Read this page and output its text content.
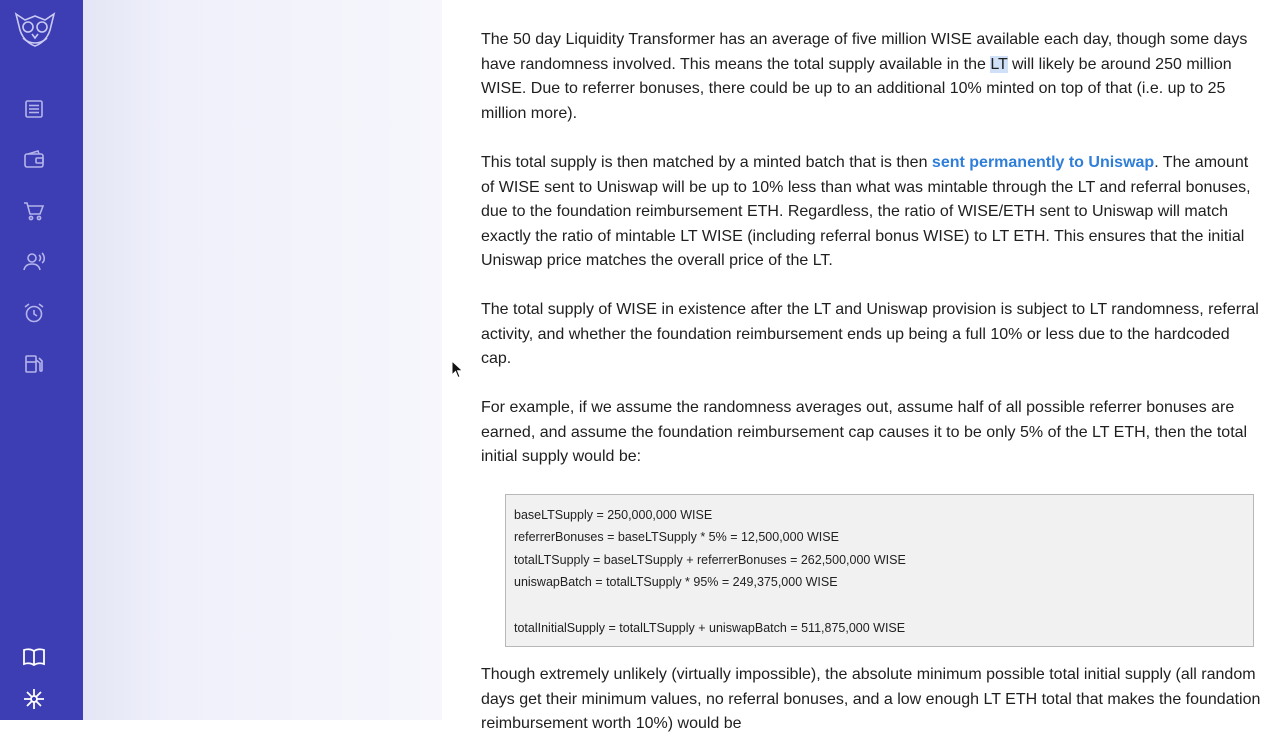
The 50 day Liquidity Transformer has an average of five million WISE available each day, though some days have randomness involved. This means the total supply available in the LT will likely be around 250 million WISE. Due to referrer bonuses, there could be up to an additional 10% minted on top of that (i.e. up to 25 million more).

This total supply is then matched by a minted batch that is then sent permanently to Uniswap. The amount of WISE sent to Uniswap will be up to 10% less than what was mintable through the LT and referral bonuses, due to the foundation reimbursement ETH. Regardless, the ratio of WISE/ETH sent to Uniswap will match exactly the ratio of mintable LT WISE (including referral bonus WISE) to LT ETH. This ensures that the initial Uniswap price matches the overall price of the LT.

The total supply of WISE in existence after the LT and Uniswap provision is subject to LT randomness, referral activity, and whether the foundation reimbursement ends up being a full 10% or less due to the hardcoded cap.

For example, if we assume the randomness averages out, assume half of all possible referrer bonuses are earned, and assume the foundation reimbursement cap causes it to be only 5% of the LT ETH, then the total initial supply would be:

baseLTSupply = 250,000,000 WISE
referrerBonuses = baseLTSupply * 5% = 12,500,000 WISE
totalLTSupply = baseLTSupply + referrerBonuses = 262,500,000 WISE
uniswapBatch = totalLTSupply * 95% = 249,375,000 WISE
totalInitialSupply = totalLTSupply + uniswapBatch = 511,875,000 WISE

Though extremely unlikely (virtually impossible), the absolute minimum possible total initial supply (all random days get their minimum values, no referral bonuses, and a low enough LT ETH total that makes the foundation reimbursement worth 10%) would be
